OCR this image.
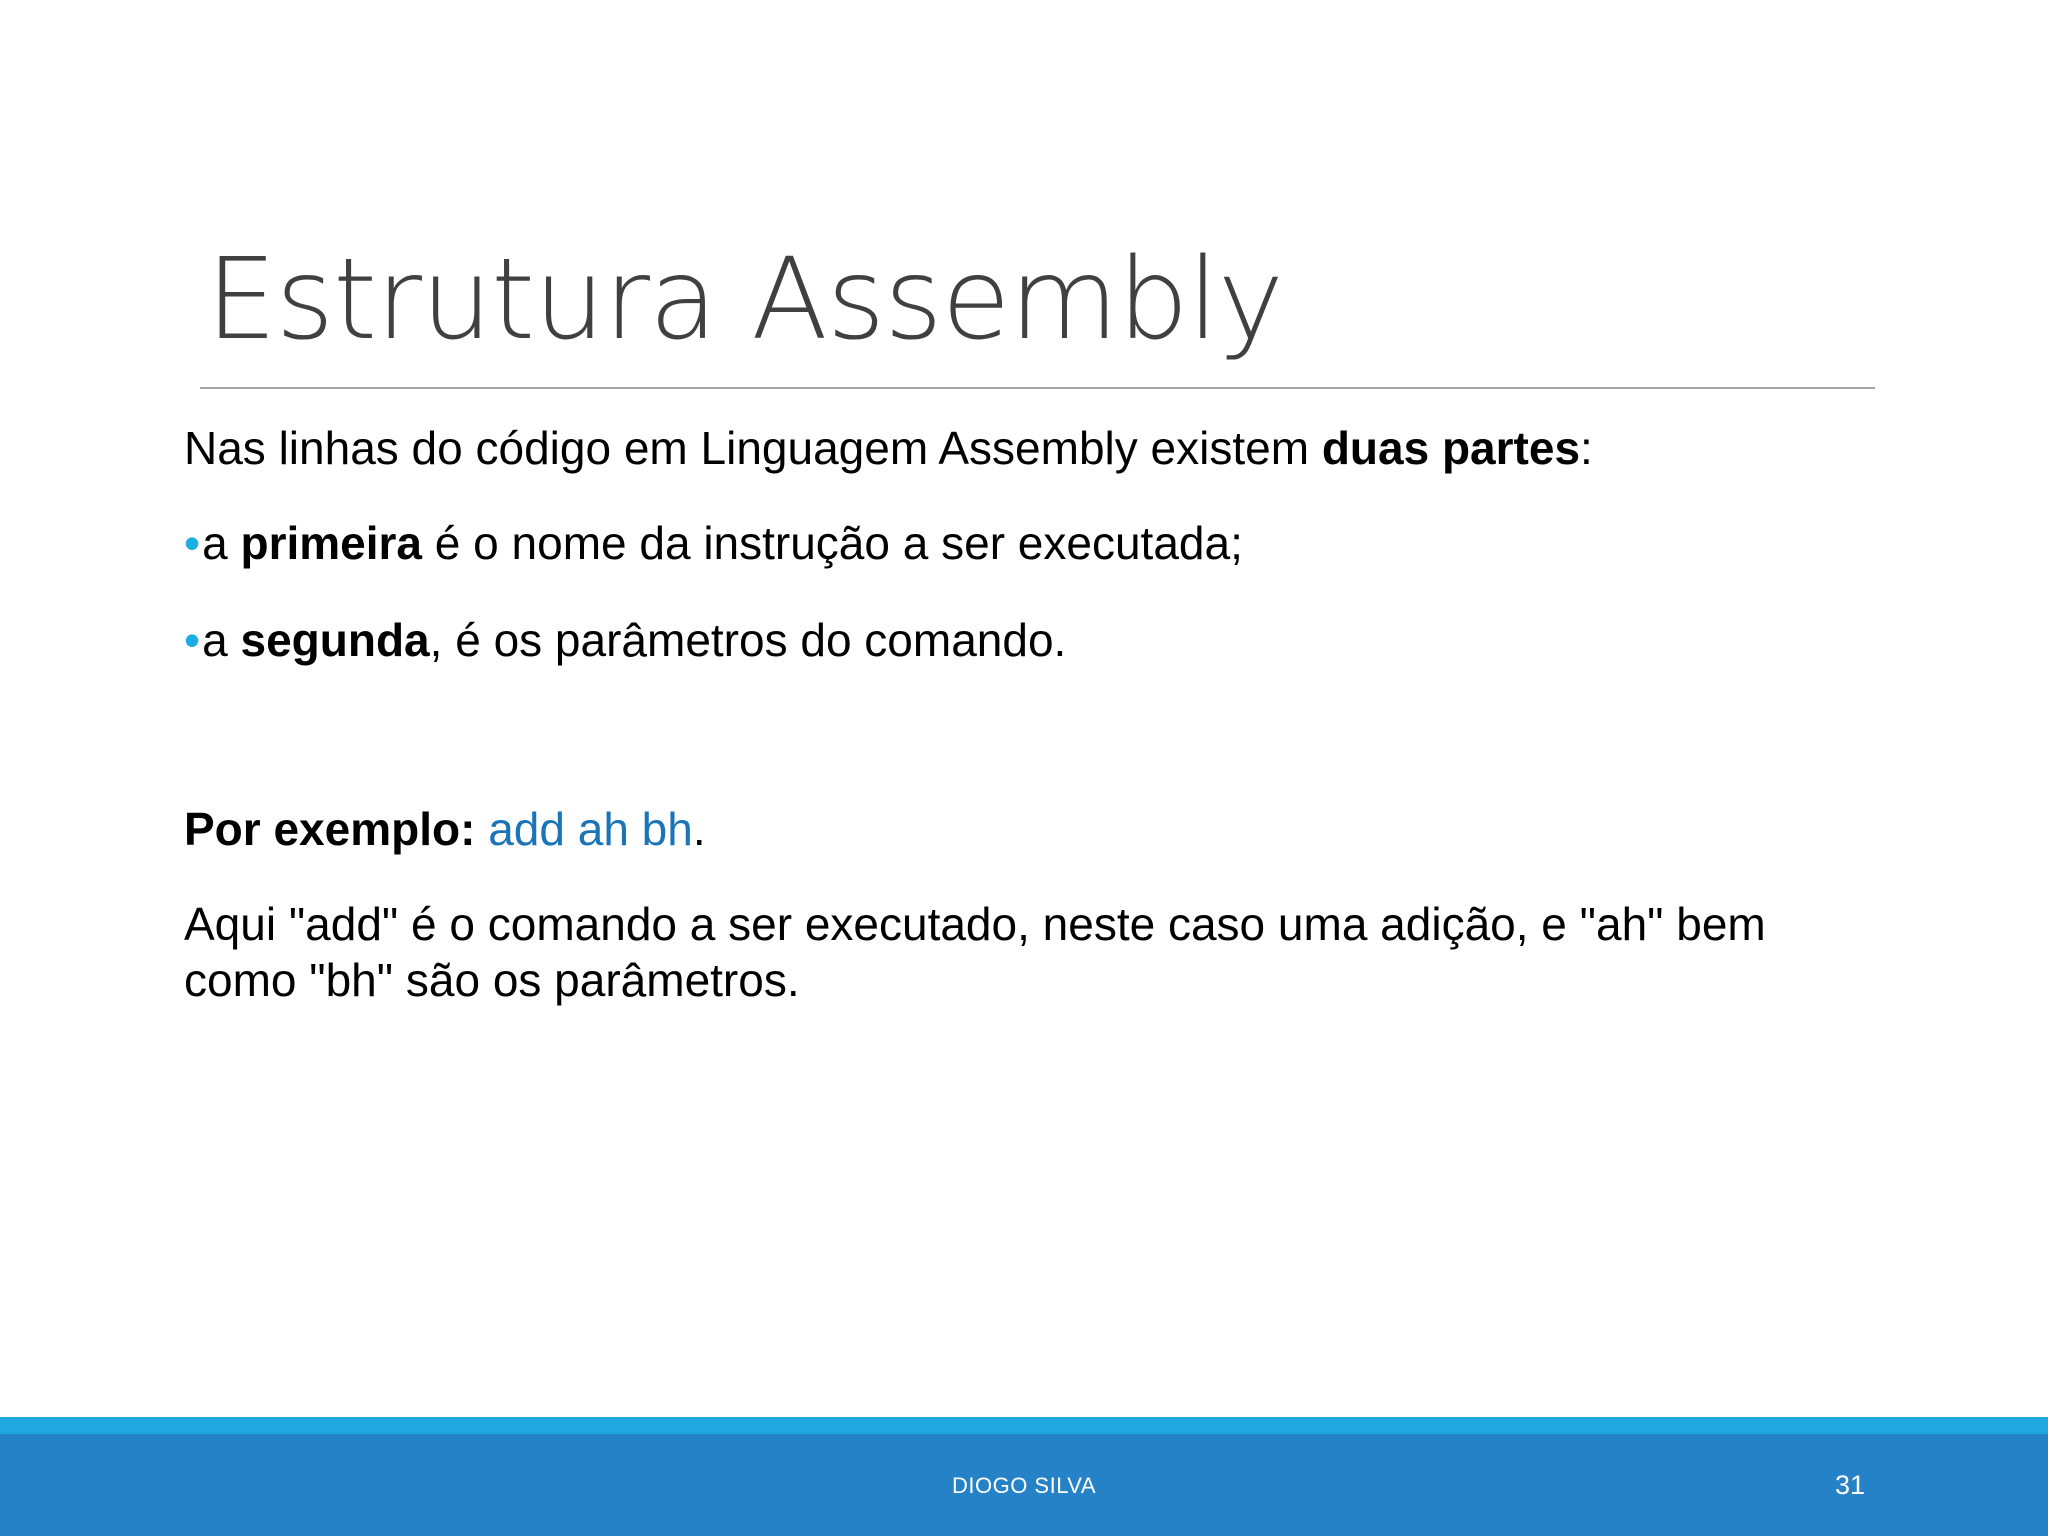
Estrutura Assembly
Nas linhas do código em Linguagem Assembly existem duas partes:
•a primeira é o nome da instrução a ser executada;
•a segunda, é os parâmetros do comando.
Por exemplo: add ah bh.
Aqui "add" é o comando a ser executado, neste caso uma adição, e "ah" bem
como "bh" são os parâmetros.
DIOGO SILVA	31
